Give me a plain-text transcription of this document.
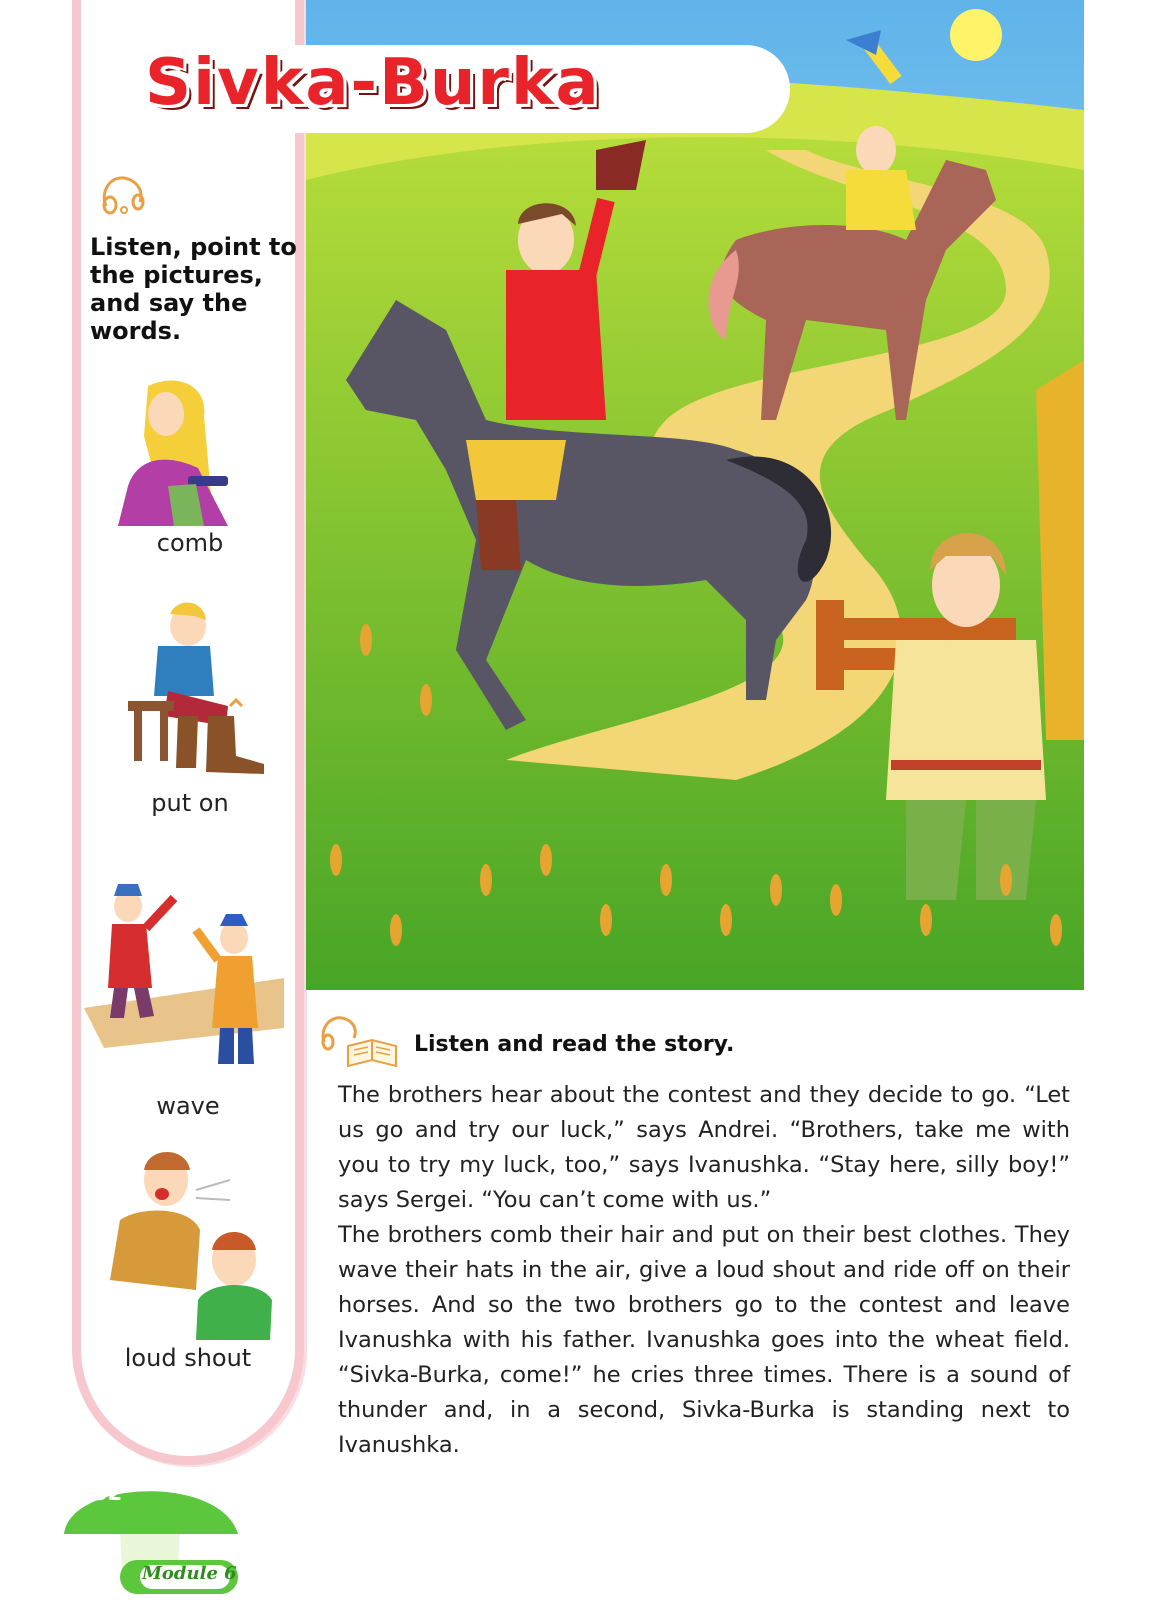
Listen, point to the pictures, and say the words.
comb
put on
wave
loud shout
Sivka-Burka
Listen and read the story.

The brothers hear about the contest and they decide to go. “Let us go and try our luck,” says Andrei. “Brothers, take me with you to try my luck, too,” says Ivanushka. “Stay here, silly boy!” says Sergei. “You can’t come with us.”

The brothers comb their hair and put on their best clothes. They wave their hats in the air, give a loud shout and ride off on their horses. And so the two brothers go to the contest and leave Ivanushka with his father. Ivanushka goes into the wheat field. “Sivka-Burka, come!” he cries three times. There is a sound of thunder and, in a second, Sivka-Burka is standing next to Ivanushka.

32
Module 6
